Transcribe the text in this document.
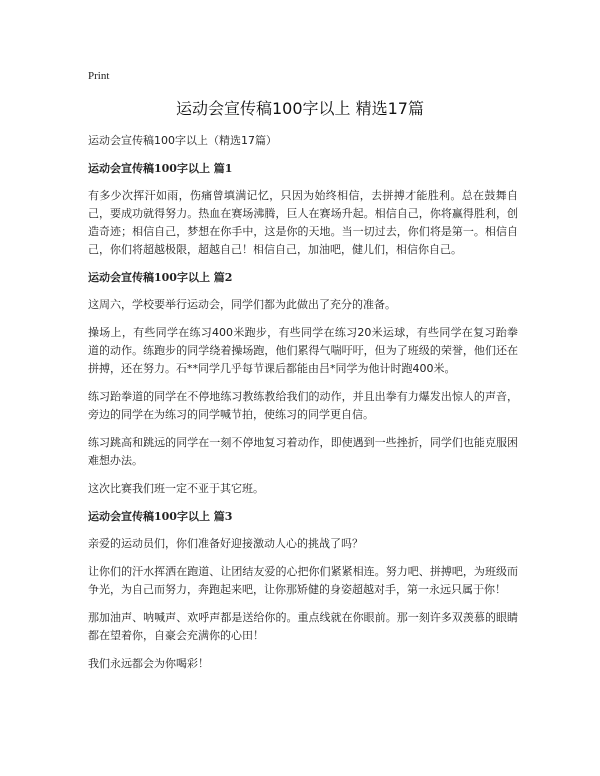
Print
运动会宣传稿100字以上 精选17篇

运动会宣传稿100字以上（精选17篇）

运动会宣传稿100字以上 篇1

有多少次挥汗如雨，伤痛曾填满记忆，只因为始终相信，去拼搏才能胜利。总在鼓舞自己，要成功就得努力。热血在赛场沸腾，巨人在赛场升起。相信自己，你将赢得胜利，创造奇迹；相信自己，梦想在你手中，这是你的天地。当一切过去，你们将是第一。相信自己，你们将超越极限，超越自己！相信自己，加油吧，健儿们，相信你自己。

运动会宣传稿100字以上 篇2

这周六，学校要举行运动会，同学们都为此做出了充分的准备。

操场上，有些同学在练习400米跑步，有些同学在练习20米运球，有些同学在复习跆拳道的动作。练跑步的同学绕着操场跑，他们累得气喘吁吁，但为了班级的荣誉，他们还在拼搏，还在努力。石**同学几乎每节课后都能由吕*同学为他计时跑400米。

练习跆拳道的同学在不停地练习教练教给我们的动作，并且出拳有力爆发出惊人的声音，旁边的同学在为练习的同学喊节拍，使练习的同学更自信。

练习跳高和跳远的同学在一刻不停地复习着动作，即使遇到一些挫折，同学们也能克服困难想办法。

这次比赛我们班一定不亚于其它班。

运动会宣传稿100字以上 篇3

亲爱的运动员们，你们准备好迎接激动人心的挑战了吗？

让你们的汗水挥洒在跑道、让团结友爱的心把你们紧紧相连。努力吧、拼搏吧，为班级而争光，为自己而努力，奔跑起来吧，让你那矫健的身姿超越对手，第一永远只属于你！

那加油声、呐喊声、欢呼声都是送给你的。重点线就在你眼前。那一刻许多双羡慕的眼睛都在望着你，自豪会充满你的心田！

我们永远都会为你喝彩！
